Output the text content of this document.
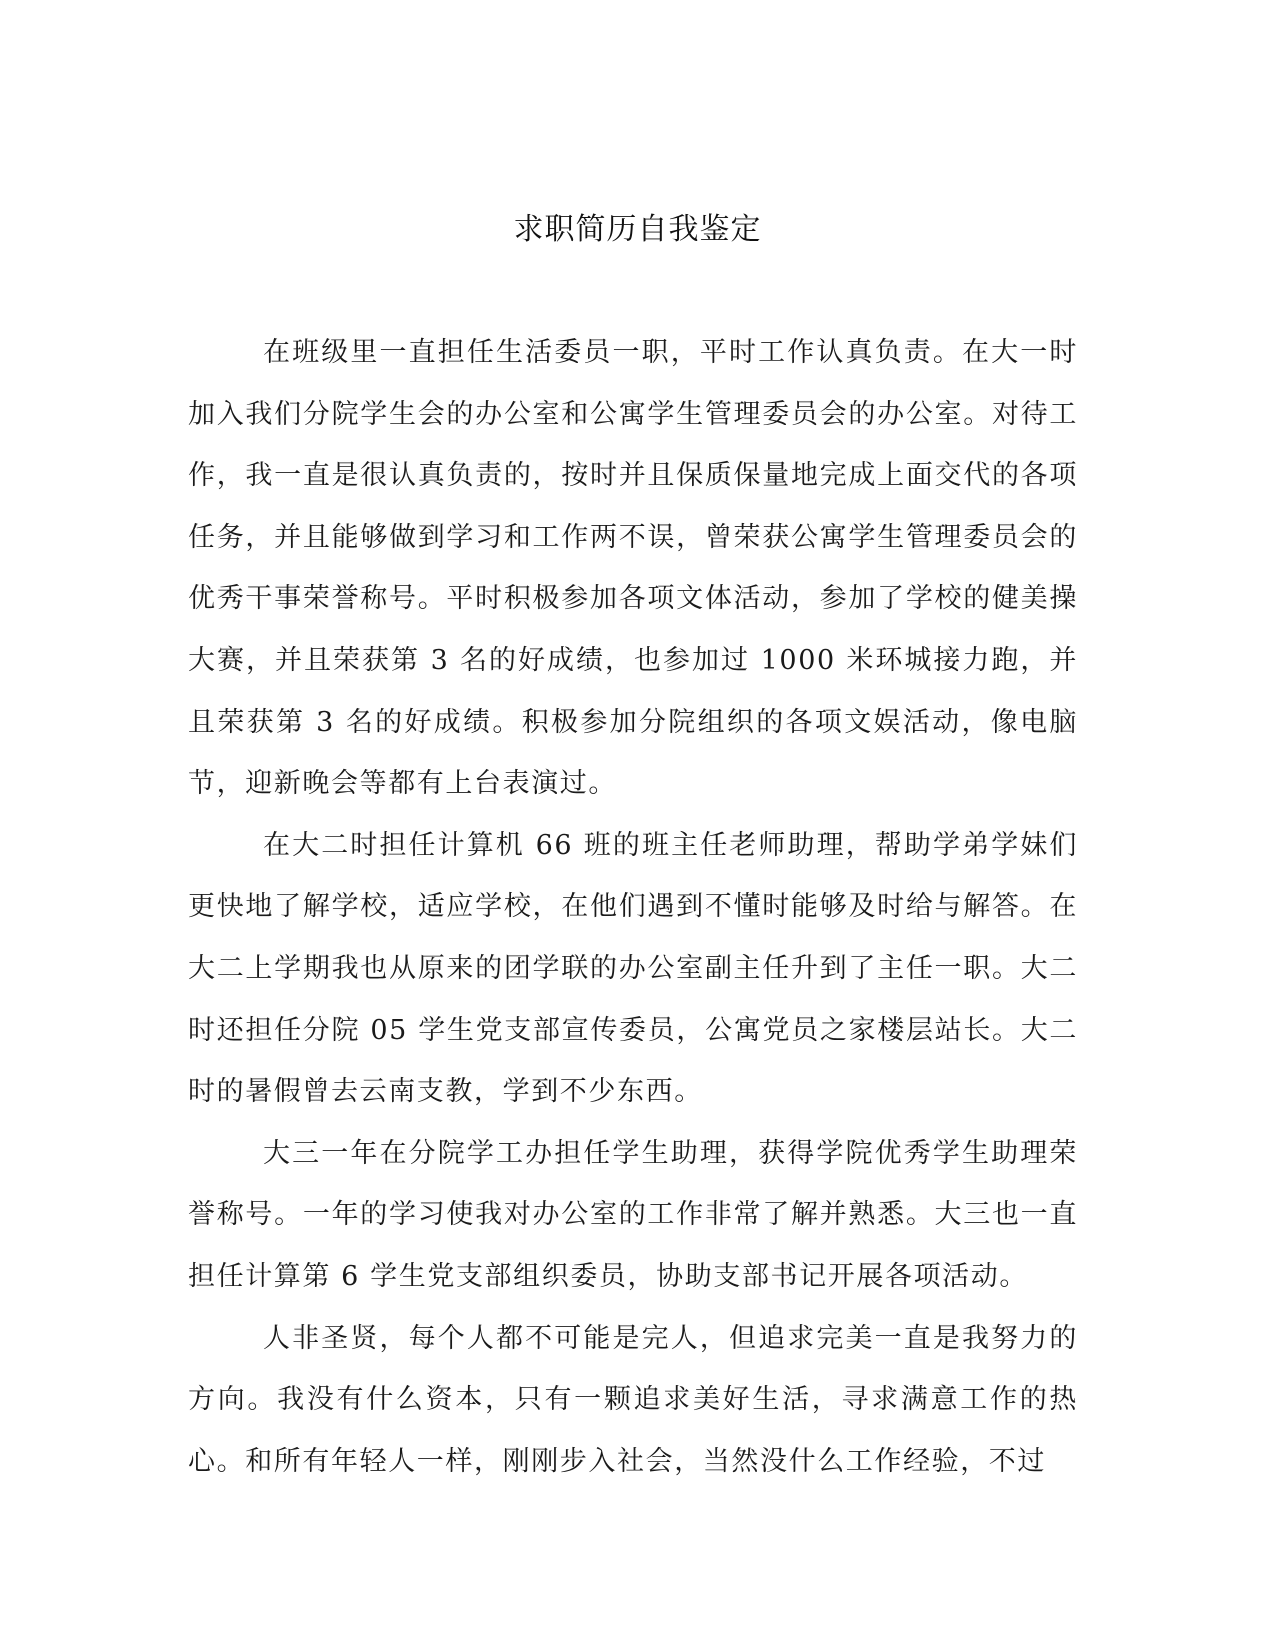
求职简历自我鉴定

在班级里一直担任生活委员一职，平时工作认真负责。在大一时加入我们分院学生会的办公室和公寓学生管理委员会的办公室。对待工作，我一直是很认真负责的，按时并且保质保量地完成上面交代的各项任务，并且能够做到学习和工作两不误，曾荣获公寓学生管理委员会的优秀干事荣誉称号。平时积极参加各项文体活动，参加了学校的健美操大赛，并且荣获第 3 名的好成绩，也参加过 1000 米环城接力跑，并且荣获第 3 名的好成绩。积极参加分院组织的各项文娱活动，像电脑节，迎新晚会等都有上台表演过。

在大二时担任计算机 66 班的班主任老师助理，帮助学弟学妹们更快地了解学校，适应学校，在他们遇到不懂时能够及时给与解答。在大二上学期我也从原来的团学联的办公室副主任升到了主任一职。大二时还担任分院 05 学生党支部宣传委员，公寓党员之家楼层站长。大二时的暑假曾去云南支教，学到不少东西。

大三一年在分院学工办担任学生助理，获得学院优秀学生助理荣誉称号。一年的学习使我对办公室的工作非常了解并熟悉。大三也一直担任计算第 6 学生党支部组织委员，协助支部书记开展各项活动。

人非圣贤，每个人都不可能是完人，但追求完美一直是我努力的方向。我没有什么资本，只有一颗追求美好生活，寻求满意工作的热心。和所有年轻人一样，刚刚步入社会，当然没什么工作经验，不过
